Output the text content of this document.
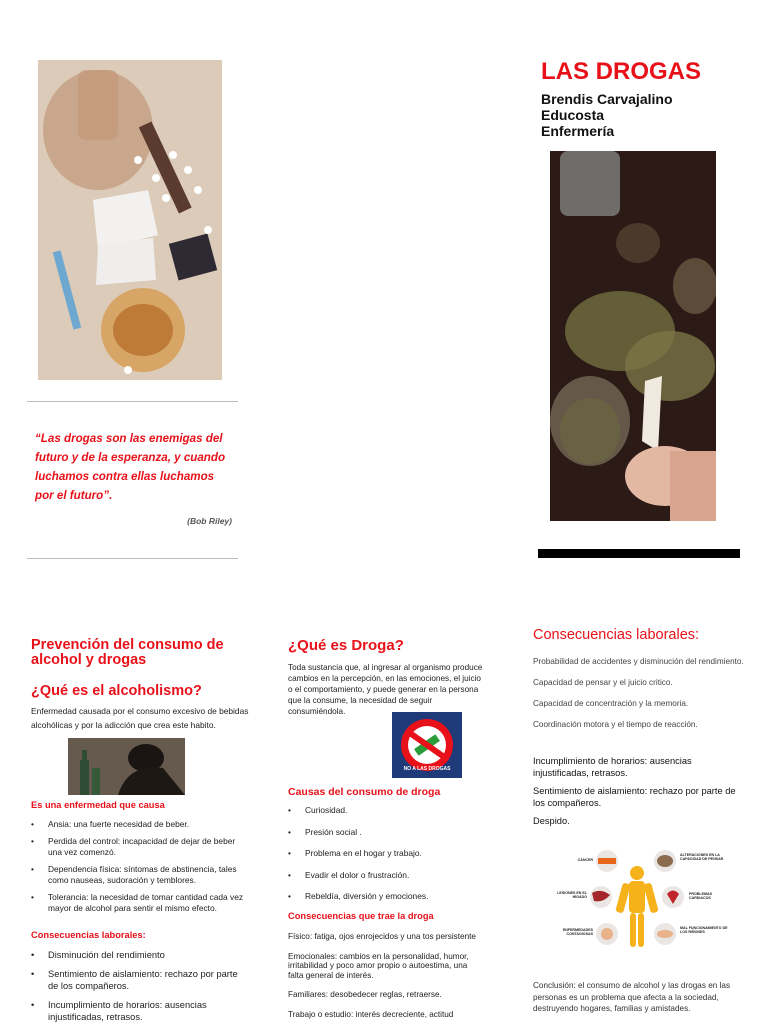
“Las drogas son las enemigas del futuro y de la esperanza, y cuando luchamos contra ellas luchamos por el futuro”.
(Bob Riley)
LAS DROGAS
Brendis Carvajalino
Educosta
Enfermería
Prevención del consumo de alcohol y drogas
¿Qué es el alcoholismo?
Enfermedad causada por el consumo excesivo de bebidas alcohólicas y por la adicción que crea este habito.
Es una enfermedad que causa
• Ansia: una fuerte necesidad de beber.
• Perdida del control: incapacidad de dejar de beber una vez comenzó.
• Dependencia física: síntomas de abstinencia, tales como nauseas, sudoración y temblores.
• Tolerancia: la necesidad de tomar cantidad cada vez mayor de alcohol para sentir el mismo efecto.
Consecuencias laborales:
• Disminución del rendimiento
• Sentimiento de aislamiento: rechazo por parte de los compañeros.
• Incumplimiento de horarios: ausencias injustificadas, retrasos.
¿Qué es Droga?
Toda sustancia que, al ingresar al organismo produce cambios en la percepción, en las emociones, el juicio o el comportamiento, y puede generar en la persona que la consume, la necesidad de seguir consumiéndola.
NO A LAS DROGAS
Causas del consumo de droga
• Curiosidad.
• Presión social .
• Problema en el hogar y trabajo.
• Evadir el dolor o frustración.
• Rebeldía, diversión y emociones.
Consecuencias que trae la droga
Físico: fatiga, ojos enrojecidos y una tos persistente
Emocionales: cambios en la personalidad, humor, irritabilidad y poco amor propio o autoestima, una falta general de interés.
Familiares: desobedecer reglas, retraerse.
Trabajo o estudio: interés decreciente, actitud
Consecuencias laborales:
Probabilidad de accidentes y disminución del rendimiento.
Capacidad de pensar y el juicio critico.
Capacidad de concentración y la memoria.
Coordinación motora y el tiempo de reacción.
Incumplimiento de horarios: ausencias injustificadas, retrasos.
Sentimiento de aislamiento: rechazo por parte de los compañeros.
Despido.
CÁNCER
LESIONES EN EL HÍGADO
ENFERMEDADES CONTAGIOSAS
ALTERACIONES EN LA CAPACIDAD DE PENSAR
PROBLEMAS CARDIACOS
MAL FUNCIONAMIENTO DE LOS RIÑONES
Conclusión: el consumo de alcohol y las drogas en las personas es un problema que afecta a la sociedad, destruyendo hogares, familias y amistades.
